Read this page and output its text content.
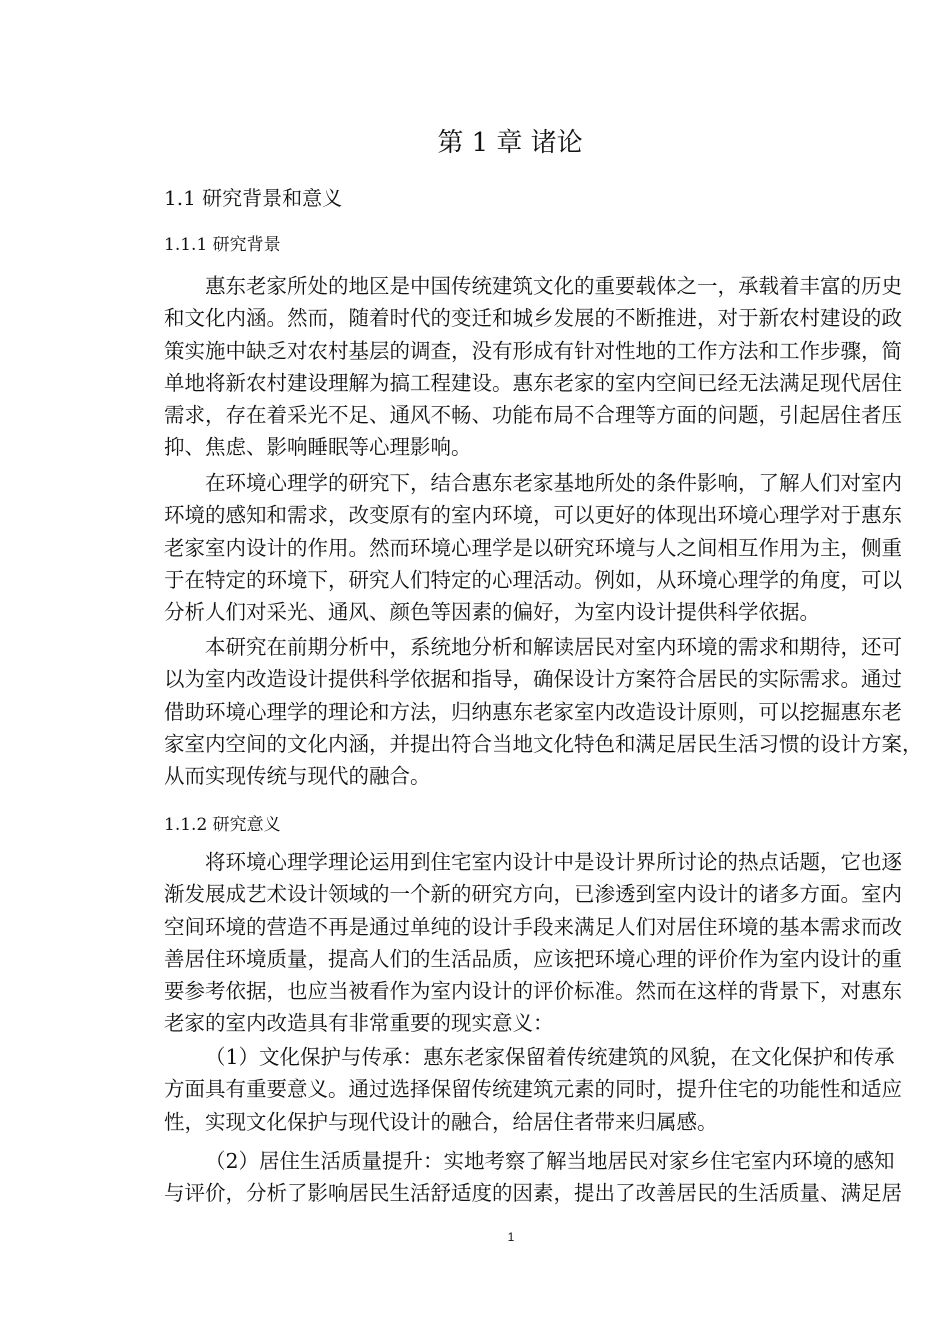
第 1 章 诸论
1.1 研究背景和意义
1.1.1 研究背景
惠东老家所处的地区是中国传统建筑文化的重要载体之一，承载着丰富的历史
和文化内涵。然而，随着时代的变迁和城乡发展的不断推进，对于新农村建设的政
策实施中缺乏对农村基层的调查，没有形成有针对性地的工作方法和工作步骤，简
单地将新农村建设理解为搞工程建设。惠东老家的室内空间已经无法满足现代居住
需求，存在着采光不足、通风不畅、功能布局不合理等方面的问题，引起居住者压
抑、焦虑、影响睡眠等心理影响。
在环境心理学的研究下，结合惠东老家基地所处的条件影响，了解人们对室内
环境的感知和需求，改变原有的室内环境，可以更好的体现出环境心理学对于惠东
老家室内设计的作用。然而环境心理学是以研究环境与人之间相互作用为主，侧重
于在特定的环境下，研究人们特定的心理活动。例如，从环境心理学的角度，可以
分析人们对采光、通风、颜色等因素的偏好，为室内设计提供科学依据。
本研究在前期分析中，系统地分析和解读居民对室内环境的需求和期待，还可
以为室内改造设计提供科学依据和指导，确保设计方案符合居民的实际需求。通过
借助环境心理学的理论和方法，归纳惠东老家室内改造设计原则，可以挖掘惠东老
家室内空间的文化内涵，并提出符合当地文化特色和满足居民生活习惯的设计方案，
从而实现传统与现代的融合。
1.1.2 研究意义
将环境心理学理论运用到住宅室内设计中是设计界所讨论的热点话题，它也逐
渐发展成艺术设计领域的一个新的研究方向，已渗透到室内设计的诸多方面。室内
空间环境的营造不再是通过单纯的设计手段来满足人们对居住环境的基本需求而改
善居住环境质量，提高人们的生活品质，应该把环境心理的评价作为室内设计的重
要参考依据，也应当被看作为室内设计的评价标准。然而在这样的背景下，对惠东
老家的室内改造具有非常重要的现实意义：
（1）文化保护与传承：惠东老家保留着传统建筑的风貌，在文化保护和传承
方面具有重要意义。通过选择保留传统建筑元素的同时，提升住宅的功能性和适应
性，实现文化保护与现代设计的融合，给居住者带来归属感。
（2）居住生活质量提升：实地考察了解当地居民对家乡住宅室内环境的感知
与评价，分析了影响居民生活舒适度的因素，提出了改善居民的生活质量、满足居
1
